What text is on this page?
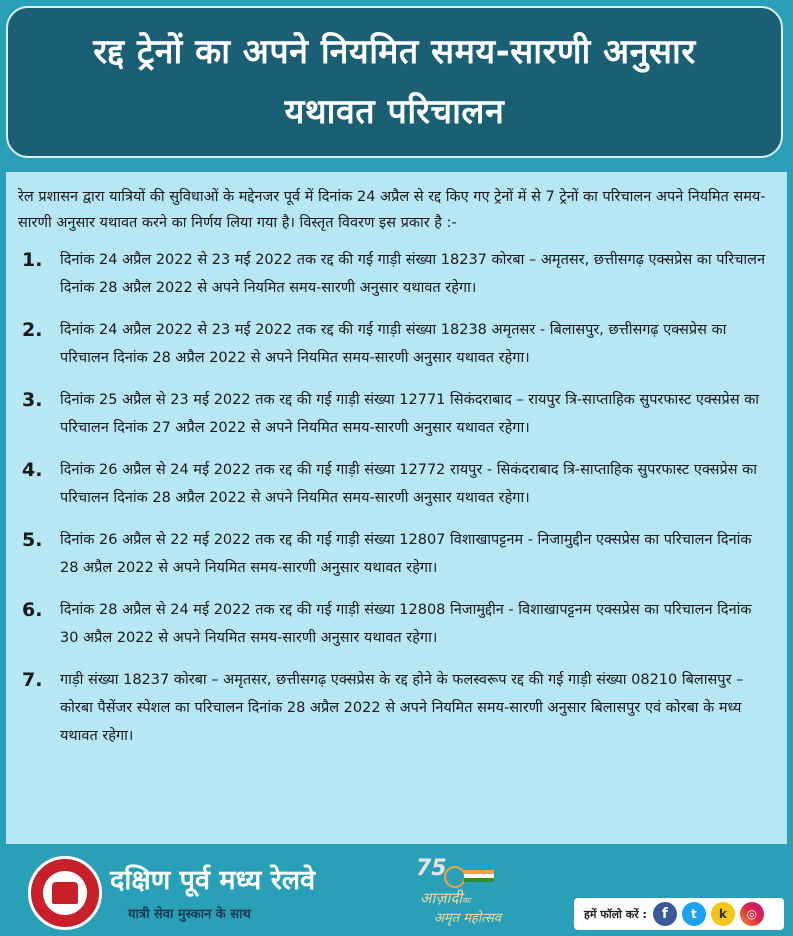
रद्द ट्रेनों का अपने नियमित समय-सारणी अनुसार
यथावत परिचालन

रेल प्रशासन द्वारा यात्रियों की सुविधाओं के मद्देनजर पूर्व में दिनांक 24 अप्रैल से रद्द किए गए ट्रेनों में से 7 ट्रेनों का परिचालन अपने नियमित समय-सारणी अनुसार यथावत करने का निर्णय लिया गया है। विस्तृत विवरण इस प्रकार है :-

1.	दिनांक 24 अप्रैल 2022 से 23 मई 2022 तक रद्द की गई गाड़ी संख्या 18237 कोरबा – अमृतसर, छत्तीसगढ़ एक्सप्रेस का परिचालन दिनांक 28 अप्रैल 2022 से अपने नियमित समय-सारणी अनुसार यथावत रहेगा।
2.	दिनांक 24 अप्रैल 2022 से 23 मई 2022 तक रद्द की गई गाड़ी संख्या 18238 अमृतसर - बिलासपुर, छत्तीसगढ़ एक्सप्रेस का परिचालन दिनांक 28 अप्रैल 2022 से अपने नियमित समय-सारणी अनुसार यथावत रहेगा।
3.	दिनांक 25 अप्रैल से 23 मई 2022 तक रद्द की गई गाड़ी संख्या 12771 सिकंदराबाद – रायपुर त्रि-साप्ताहिक सुपरफास्ट एक्सप्रेस का परिचालन दिनांक 27 अप्रैल 2022 से अपने नियमित समय-सारणी अनुसार यथावत रहेगा।
4.	दिनांक 26 अप्रैल से 24 मई 2022 तक रद्द की गई गाड़ी संख्या 12772 रायपुर - सिकंदराबाद त्रि-साप्ताहिक सुपरफास्ट एक्सप्रेस का परिचालन दिनांक 28 अप्रैल 2022 से अपने नियमित समय-सारणी अनुसार यथावत रहेगा।
5.	दिनांक 26 अप्रैल से 22 मई 2022 तक रद्द की गई गाड़ी संख्या 12807 विशाखापट्टनम - निजामुद्दीन एक्सप्रेस का परिचालन दिनांक 28 अप्रैल 2022 से अपने नियमित समय-सारणी अनुसार यथावत रहेगा।
6.	दिनांक 28 अप्रैल से 24 मई 2022 तक रद्द की गई गाड़ी संख्या 12808 निजामुद्दीन - विशाखापट्टनम एक्सप्रेस का परिचालन दिनांक 30 अप्रैल 2022 से अपने नियमित समय-सारणी अनुसार यथावत रहेगा।
7.	गाड़ी संख्या 18237 कोरबा – अमृतसर, छत्तीसगढ़ एक्सप्रेस के रद्द होने के फलस्वरूप रद्द की गई गाड़ी संख्या 08210 बिलासपुर – कोरबा पैसेंजर स्पेशल का परिचालन दिनांक 28 अप्रैल 2022 से अपने नियमित समय-सारणी अनुसार बिलासपुर एवं कोरबा के मध्य यथावत रहेगा।
दक्षिण पूर्व मध्य रेलवे
यात्री सेवा मुस्कान के साथ
75
आज़ादीका
अमृत महोत्सव	हमें फॉलो करें :	f	t	k	◎
